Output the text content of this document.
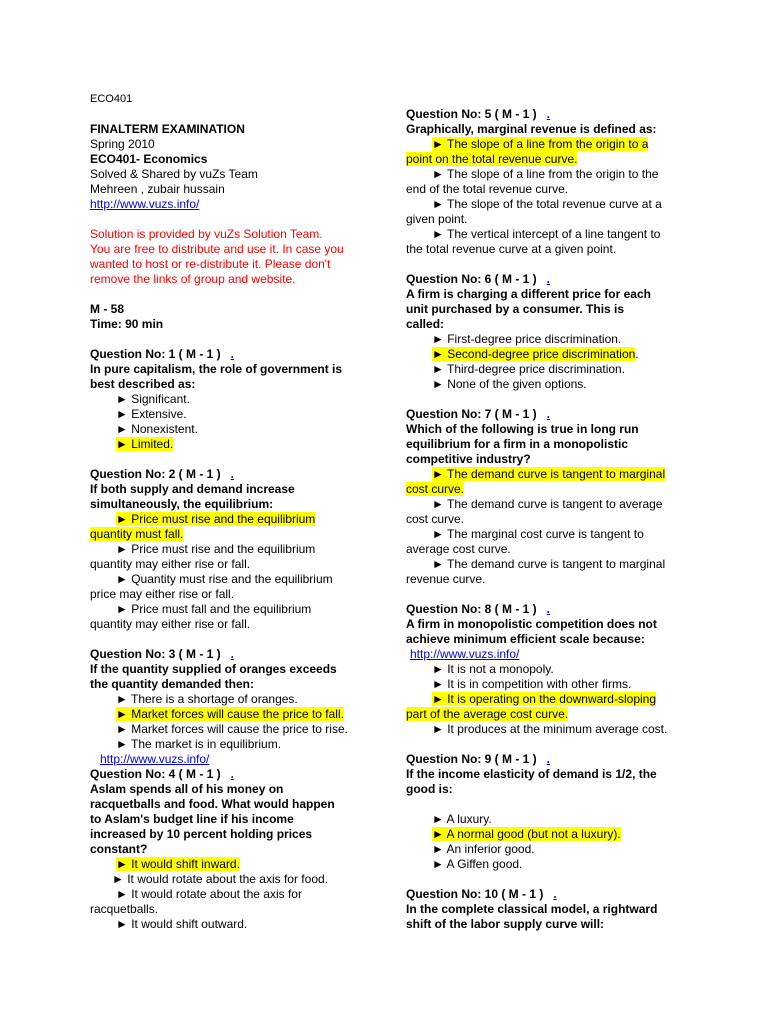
ECO401
FINALTERM EXAMINATION
Spring 2010
ECO401- Economics
Solved & Shared by vuZs Team
Mehreen , zubair hussain
http://www.vuzs.info/
Solution is provided by vuZs Solution Team.
You are free to distribute and use it. In case you
wanted to host or re-distribute it. Please don't
remove the links of group and website.
M - 58
Time: 90 min
Question No: 1 ( M - 1 ) .
In pure capitalism, the role of government is
best described as:
► Significant.
► Extensive.
► Nonexistent.
► Limited.
Question No: 2 ( M - 1 ) .
If both supply and demand increase
simultaneously, the equilibrium:
► Price must rise and the equilibrium
quantity must fall.
► Price must rise and the equilibrium
quantity may either rise or fall.
► Quantity must rise and the equilibrium
price may either rise or fall.
► Price must fall and the equilibrium
quantity may either rise or fall.
Question No: 3 ( M - 1 ) .
If the quantity supplied of oranges exceeds
the quantity demanded then:
► There is a shortage of oranges.
► Market forces will cause the price to fall.
► Market forces will cause the price to rise.
► The market is in equilibrium.
http://www.vuzs.info/
Question No: 4 ( M - 1 ) .
Aslam spends all of his money on
racquetballs and food. What would happen
to Aslam's budget line if his income
increased by 10 percent holding prices
constant?
► It would shift inward.
► It would rotate about the axis for food.
► It would rotate about the axis for
racquetballs.
► It would shift outward.
Question No: 5 ( M - 1 ) .
Graphically, marginal revenue is defined as:
► The slope of a line from the origin to a
point on the total revenue curve.
► The slope of a line from the origin to the
end of the total revenue curve.
► The slope of the total revenue curve at a
given point.
► The vertical intercept of a line tangent to
the total revenue curve at a given point.
Question No: 6 ( M - 1 ) .
A firm is charging a different price for each
unit purchased by a consumer. This is
called:
► First-degree price discrimination.
► Second-degree price discrimination.
► Third-degree price discrimination.
► None of the given options.
Question No: 7 ( M - 1 ) .
Which of the following is true in long run
equilibrium for a firm in a monopolistic
competitive industry?
► The demand curve is tangent to marginal
cost curve.
► The demand curve is tangent to average
cost curve.
► The marginal cost curve is tangent to
average cost curve.
► The demand curve is tangent to marginal
revenue curve.
Question No: 8 ( M - 1 ) .
A firm in monopolistic competition does not
achieve minimum efficient scale because:
http://www.vuzs.info/
► It is not a monopoly.
► It is in competition with other firms.
► It is operating on the downward-sloping
part of the average cost curve.
► It produces at the minimum average cost.
Question No: 9 ( M - 1 ) .
If the income elasticity of demand is 1/2, the
good is:
► A luxury.
► A normal good (but not a luxury).
► An inferior good.
► A Giffen good.
Question No: 10 ( M - 1 ) .
In the complete classical model, a rightward
shift of the labor supply curve will:
